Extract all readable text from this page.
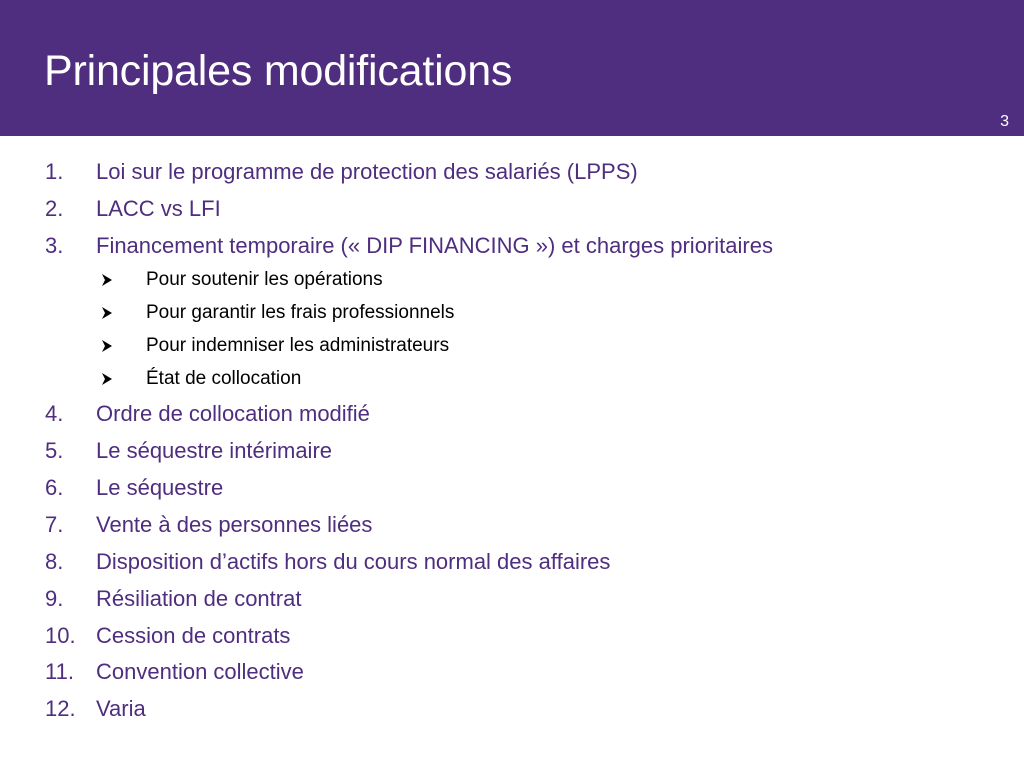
Principales modifications
3
1.	Loi sur le programme de protection des salariés (LPPS)
2.	LACC vs LFI
3.	Financement temporaire (« DIP FINANCING ») et charges prioritaires
Pour soutenir les opérations
Pour garantir les frais professionnels
Pour indemniser les administrateurs
État de collocation
4.	Ordre de collocation modifié
5.	Le séquestre intérimaire
6.	Le séquestre
7.	Vente à des personnes liées
8.	Disposition d’actifs hors du cours normal des affaires
9.	Résiliation de contrat
10. Cession de contrats
11.	Convention collective
12. Varia
